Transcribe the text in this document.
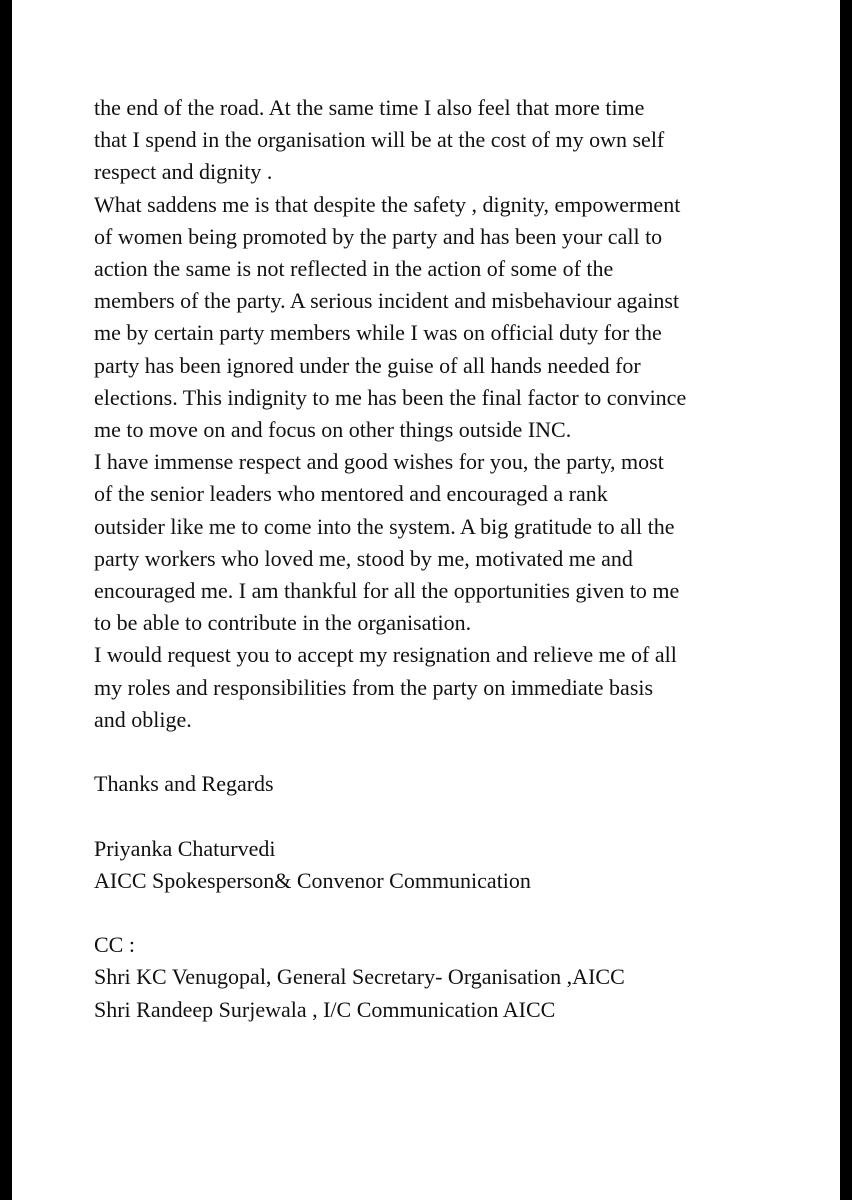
the end of the road. At the same time I also feel that more time
that I spend in the organisation will be at the cost of my own self
respect and dignity .
What saddens me is that despite the safety , dignity, empowerment
of women being promoted by the party and has been your call to
action the same is not reflected in the action of some of the
members of the party. A serious incident and misbehaviour against
me by certain party members while I was on official duty for the
party has been ignored under the guise of all hands needed for
elections. This indignity to me has been the final factor to convince
me to move on and focus on other things outside INC.
I have immense respect and good wishes for you, the party, most
of the senior leaders who mentored and encouraged a rank
outsider like me to come into the system. A big gratitude to all the
party workers who loved me, stood by me, motivated me and
encouraged me. I am thankful for all the opportunities given to me
to be able to contribute in the organisation.
I would request you to accept my resignation and relieve me of all
my roles and responsibilities from the party on immediate basis
and oblige.
Thanks and Regards
Priyanka Chaturvedi
AICC Spokesperson& Convenor Communication
CC :
Shri KC Venugopal, General Secretary- Organisation ,AICC
Shri Randeep Surjewala , I/C Communication AICC
